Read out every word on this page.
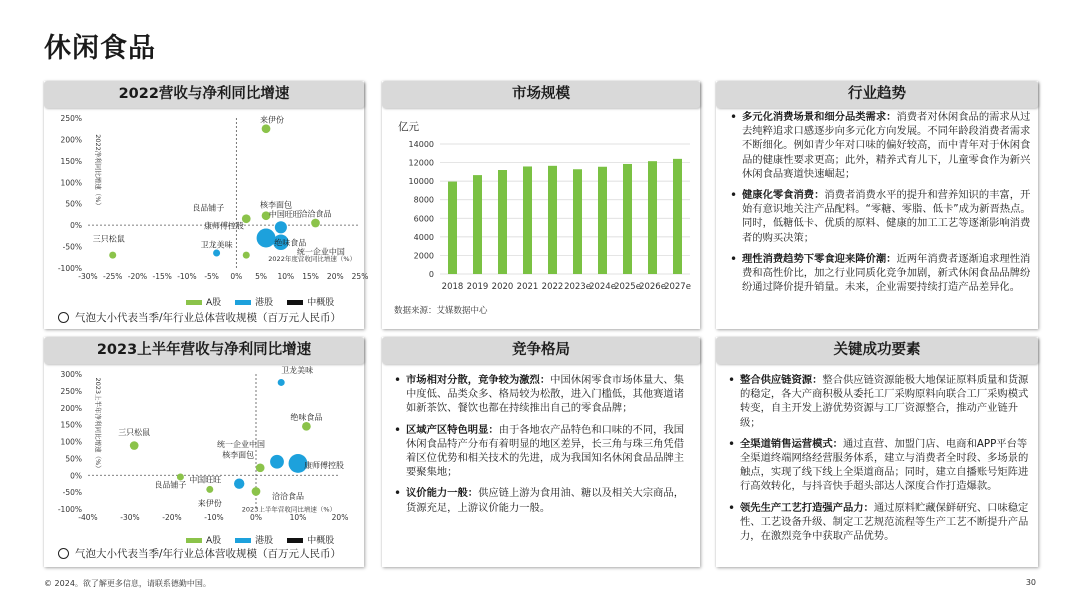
休闲食品
2022营收与净利同比增速
250%
200%
150%
100%
50%
0%
-50%
-100%
-30% -25% -20% -15% -10% -5% 0% 5% 10% 15% 20% 25%
2022净利同比增速（%）
2022年度营收同比增速（%）
来伊份
核李面包
良品铺子
洽洽食品
中国旺旺
康师傅控股
统一企业中国
卫龙美味	绝味食品
三只松鼠
A股	港股	中概股
气泡大小代表当季/年行业总体营收规模（百万元人民币）
市场规模
亿元
0
2000
4000
6000
8000
10000
12000
14000
2018 2019 2020 2021 2022 2023e
2024e
2025e
2026e
2027e
数据来源：艾媒数据中心
行业趋势
• 多元化消费场景和细分品类需求：消费者对休闲食品的需求从过去纯粹追求口感逐步向多元化方向发展。不同年龄段消费者需求不断细化。例如青少年对口味的偏好较高，而中青年对于休闲食品的健康性要求更高；此外，精养式育儿下，儿童零食作为新兴休闲食品赛道快速崛起；
• 健康化零食消费：消费者消费水平的提升和营养知识的丰富，开始有意识地关注产品配料。“零糖、零脂、低卡”成为新晋热点。同时，低糖低卡、优质的原料、健康的加工工艺等逐渐影响消费者的购买决策；
• 理性消费趋势下零食迎来降价潮：近两年消费者逐渐追求理性消费和高性价比，加之行业同质化竞争加剧，新式休闲食品品牌纷纷通过降价提升销量。未来，企业需要持续打造产品差异化。
2023上半年营收与净利同比增速
300%
250%
200%
150%
100%
50%
0%
-50%
-100%
-40%	-30%	-20%	-10%	0%	10%	20%
2023上半年净利同比增速（%）
2023上半年营收同比增速（%）
卫龙美味
绝味食品
三只松鼠
统一企业中国
康师傅控股
核李面包
中国旺旺
良品铺子
来伊份
洽洽食品
A股	港股	中概股
气泡大小代表当季/年行业总体营收规模（百万元人民币）
竞争格局
• 市场相对分散，竞争较为激烈：中国休闲零食市场体量大、集中度低、品类众多、格局较为松散，进入门槛低，其他赛道诸如新茶饮、餐饮也都在持续推出自己的零食品牌；
• 区域产区特色明显：由于各地农产品特色和口味的不同，我国休闲食品特产分布有着明显的地区差异，长三角与珠三角凭借着区位优势和相关技术的先进，成为我国知名休闲食品品牌主要聚集地；
• 议价能力一般：供应链上游为食用油、糖以及相关大宗商品，货源充足，上游议价能力一般。
关键成功要素
• 整合供应链资源：整合供应链资源能极大地保证原料质量和货源的稳定，各大产商积极从委托工厂采购原料向联合工厂采购模式转变，自主开发上游优势资源与工厂资源整合，推动产业链升级；
• 全渠道销售运营模式：通过直营、加盟门店、电商和APP平台等全渠道终端网络经营服务体系，建立与消费者全时段、多场景的触点，实现了线下线上全渠道商品；同时，建立自播账号矩阵进行高效转化，与抖音快手超头部达人深度合作打造爆款。
• 领先生产工艺打造强产品力：通过原料贮藏保鲜研究、口味稳定性、工艺设备升级、制定工艺规范流程等生产工艺不断提升产品力，在激烈竞争中获取产品优势。
© 2024。欲了解更多信息，请联系德勤中国。	30
